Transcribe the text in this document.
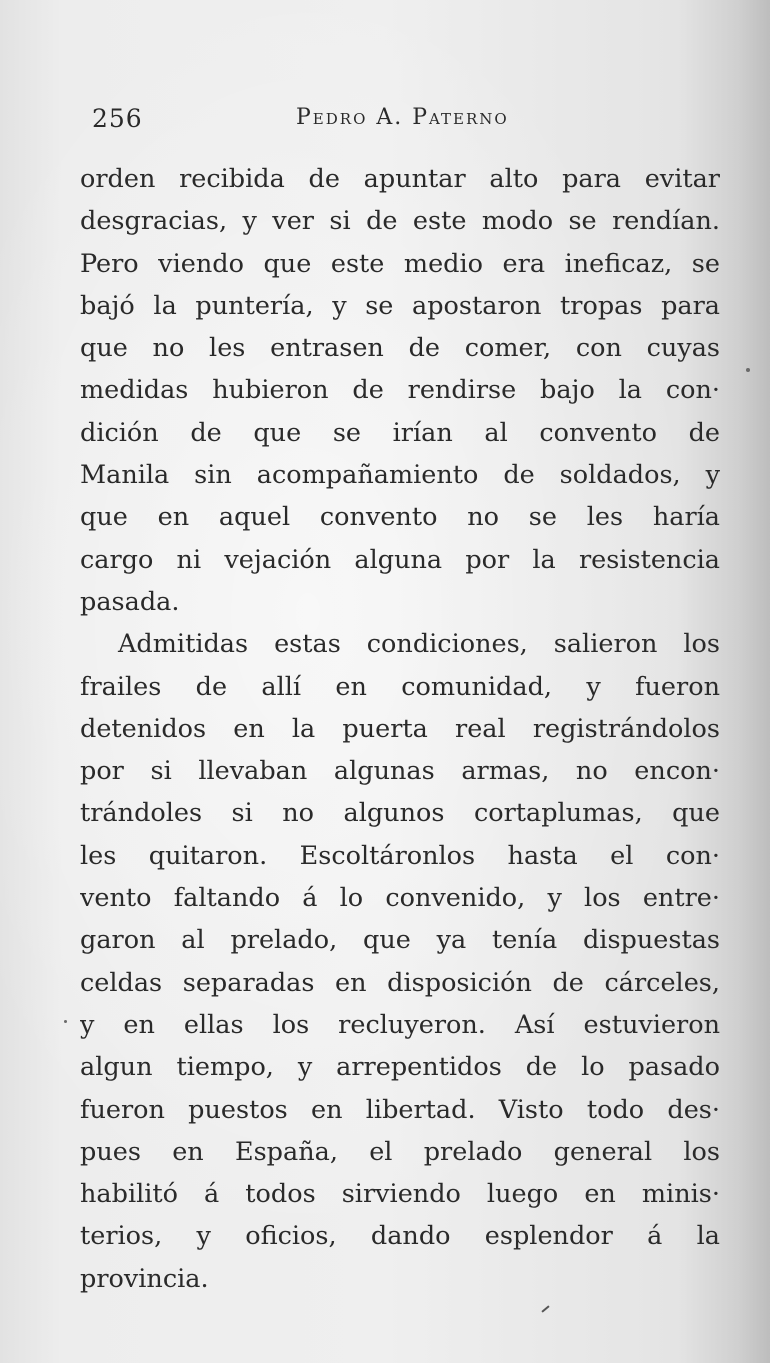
256	Pedro A. Paterno
orden recibida de apuntar alto para evitar
desgracias, y ver si de este modo se rendían.
Pero viendo que este medio era ineficaz, se
bajó la puntería, y se apostaron tropas para
que no les entrasen de comer, con cuyas
medidas hubieron de rendirse bajo la con·
dición de que se irían al convento de
Manila sin acompañamiento de soldados, y
que en aquel convento no se les haría
cargo ni vejación alguna por la resistencia
pasada.
Admitidas estas condiciones, salieron los
frailes de allí en comunidad, y fueron
detenidos en la puerta real registrándolos
por si llevaban algunas armas, no encon·
trándoles si no algunos cortaplumas, que
les quitaron. Escoltáronlos hasta el con·
vento faltando á lo convenido, y los entre·
garon al prelado, que ya tenía dispuestas
celdas separadas en disposición de cárceles,
y en ellas los recluyeron. Así estuvieron
algun tiempo, y arrepentidos de lo pasado
fueron puestos en libertad. Visto todo des·
pues en España, el prelado general los
habilitó á todos sirviendo luego en minis·
terios, y oficios, dando esplendor á la
provincia.
